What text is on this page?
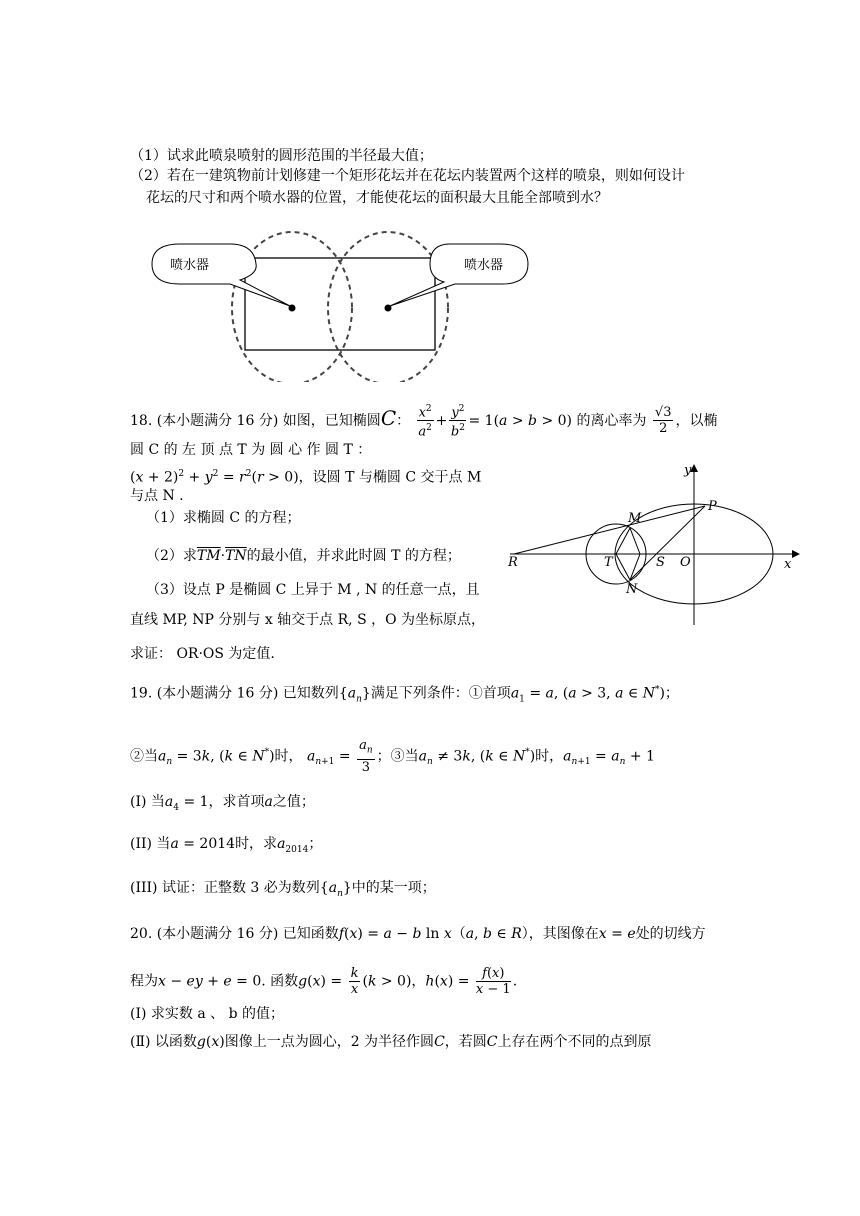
（1）试求此喷泉喷射的圆形范围的半径最大值；
（2）若在一建筑物前计划修建一个矩形花坛并在花坛内装置两个这样的喷泉，则如何设计
花坛的尺寸和两个喷水器的位置，才能使花坛的面积最大且能全部喷到水？
喷水器	喷水器
18. (本小题满分 16 分) 如图，已知椭圆C： $\frac{x^2}{a^2} + \frac{y^2}{b^2} = 1(a > b > 0)$ 的离心率为 $\frac{√3}{2}$ ，以椭
圆 C 的 左 顶 点 T 为 圆 心 作 圆 T ：
$(x + 2)^2 + y^2 = r^2(r > 0)$，设圆 T 与椭圆 C 交于点 M
与点 N .
（1）求椭圆 C 的方程；
（2）求$\overline{TM}\cdot\overline{TN}$的最小值，并求此时圆 T 的方程；
（3）设点 P 是椭圆 C 上异于 M , N 的任意一点，且
直线 MP, NP 分别与 x 轴交于点 R, S ，O 为坐标原点，
求证： OR·OS 为定值.
y
x
P
M
N
R	T	S O
19. (本小题满分 16 分) 已知数列$\{a_n\}$满足下列条件：①首项$a_1 = a$, (a > 3, a ∈ N*)；
②当$a_n = 3k$, (k ∈ N*)时， $a_{n+1} = \frac{a_n}{3}$ ；③当$a_n \ne 3k$, (k ∈ N*)时，$a_{n+1} = a_n + 1$
(I) 当$a_4 = 1$，求首项a之值；
(II) 当a = 2014时，求$a_{2014}$；
(III) 试证：正整数 3 必为数列$\{a_n\}$中的某一项；
20. (本小题满分 16 分) 已知函数f(x) = a − b ln x（a, b ∈ R），其图像在x = e处的切线方
程为x − ey + e = 0. 函数$g(x) = \frac{k}{x} (k > 0)$，$h(x) = \frac{f(x)}{x - 1}$ .
(Ⅰ) 求实数 a 、 b 的值；
(Ⅱ) 以函数g(x)图像上一点为圆心，2 为半径作圆C，若圆C上存在两个不同的点到原
